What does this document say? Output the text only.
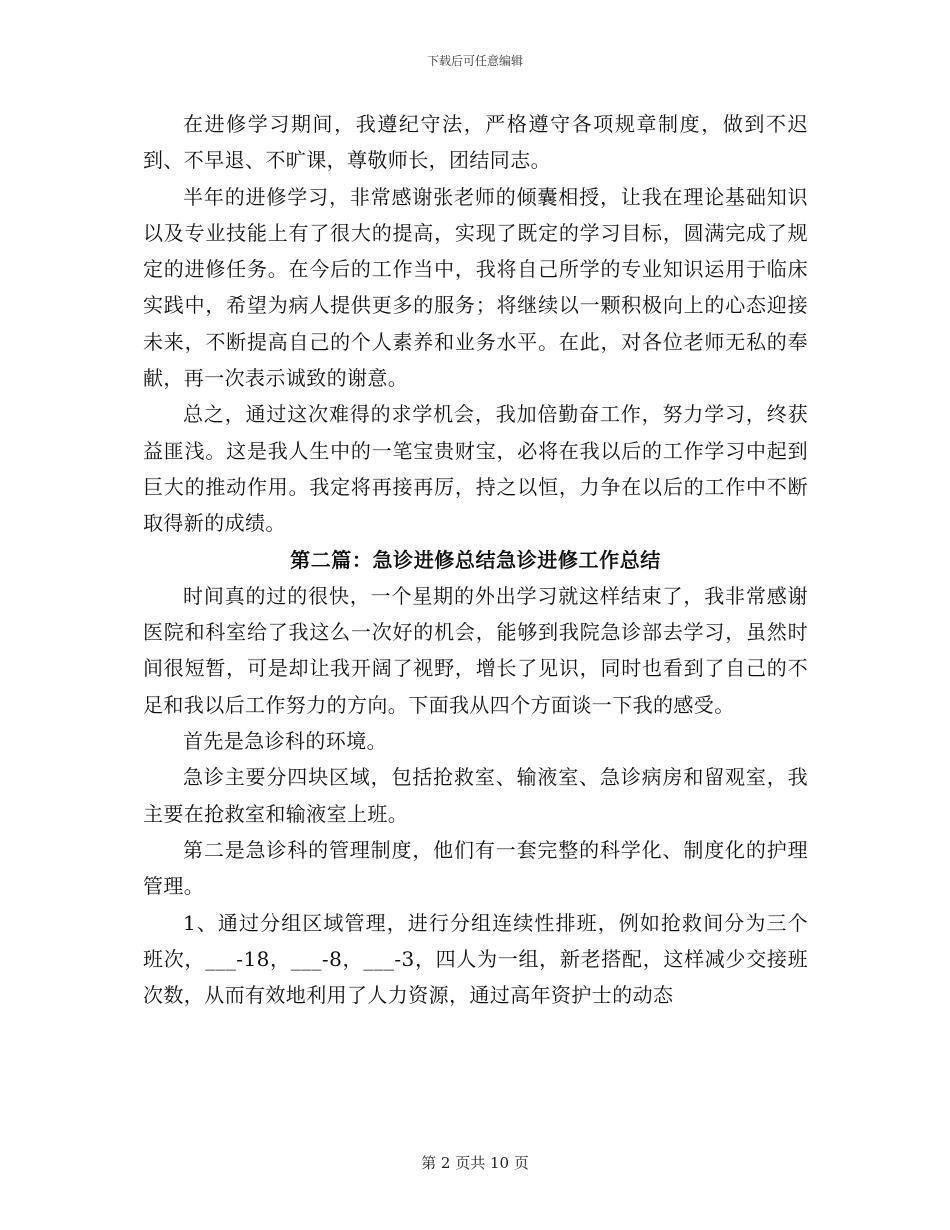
下载后可任意编辑

在进修学习期间，我遵纪守法，严格遵守各项规章制度，做到不迟到、不早退、不旷课，尊敬师长，团结同志。

半年的进修学习，非常感谢张老师的倾囊相授，让我在理论基础知识以及专业技能上有了很大的提高，实现了既定的学习目标，圆满完成了规定的进修任务。在今后的工作当中，我将自己所学的专业知识运用于临床实践中，希望为病人提供更多的服务；将继续以一颗积极向上的心态迎接未来，不断提高自己的个人素养和业务水平。在此，对各位老师无私的奉献，再一次表示诚致的谢意。

总之，通过这次难得的求学机会，我加倍勤奋工作，努力学习，终获益匪浅。这是我人生中的一笔宝贵财宝，必将在我以后的工作学习中起到巨大的推动作用。我定将再接再厉，持之以恒，力争在以后的工作中不断取得新的成绩。

第二篇：急诊进修总结急诊进修工作总结

时间真的过的很快，一个星期的外出学习就这样结束了，我非常感谢医院和科室给了我这么一次好的机会，能够到我院急诊部去学习，虽然时间很短暂，可是却让我开阔了视野，增长了见识，同时也看到了自己的不足和我以后工作努力的方向。下面我从四个方面谈一下我的感受。

首先是急诊科的环境。

急诊主要分四块区域，包括抢救室、输液室、急诊病房和留观室，我主要在抢救室和输液室上班。

第二是急诊科的管理制度，他们有一套完整的科学化、制度化的护理管理。

1、通过分组区域管理，进行分组连续性排班，例如抢救间分为三个班次，___-18，___-8，___-3，四人为一组，新老搭配，这样减少交接班次数，从而有效地利用了人力资源，通过高年资护士的动态

第 2 页共 10 页
